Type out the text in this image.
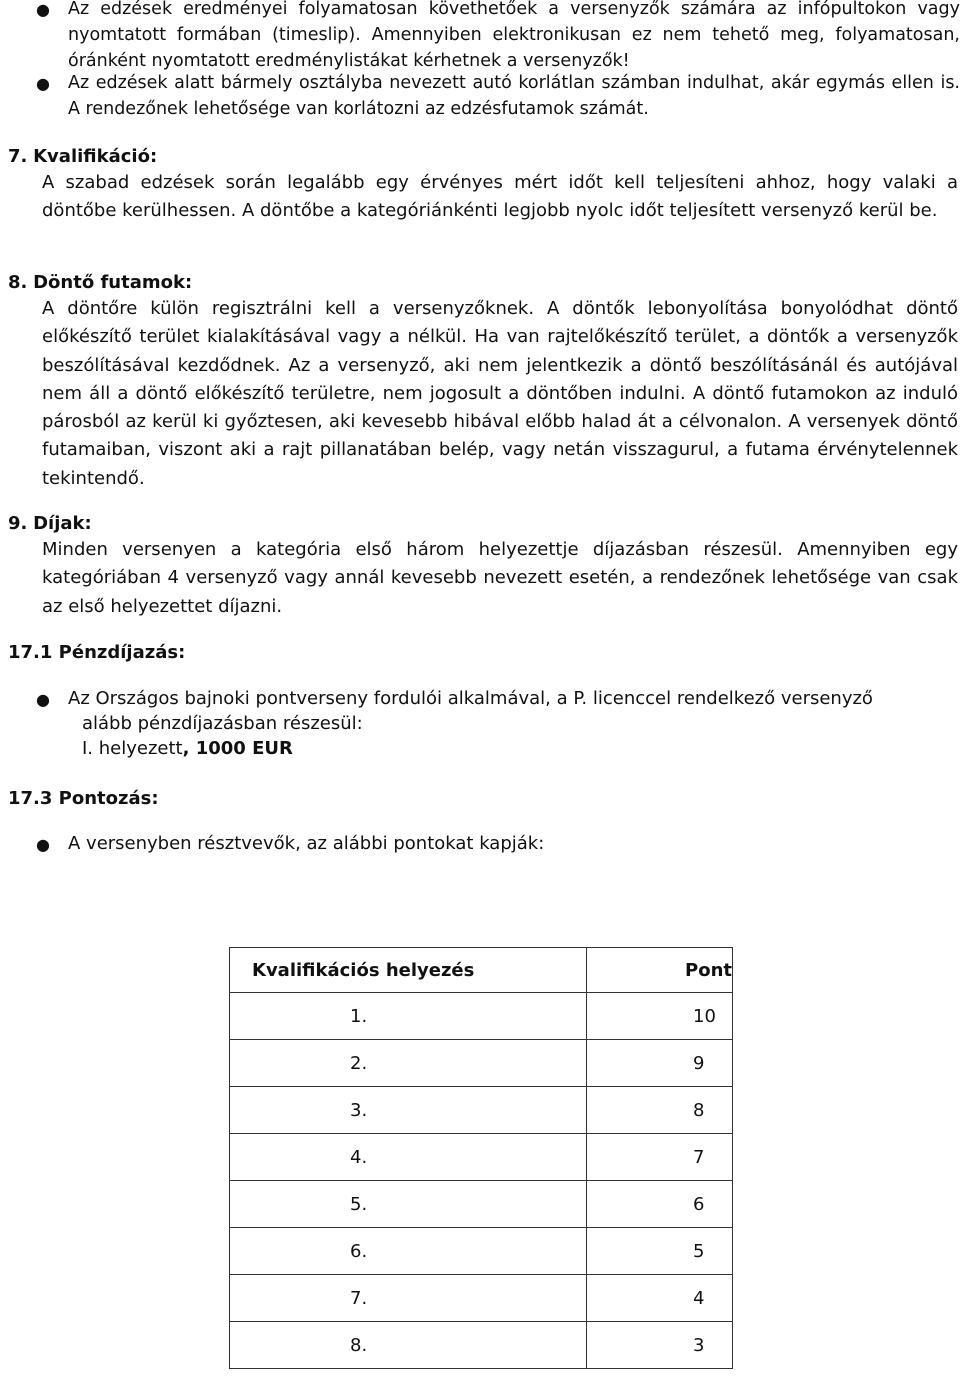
● Az edzések eredményei folyamatosan követhetőek a versenyzők számára az infópultokon vagy nyomtatott formában (timeslip). Amennyiben elektronikusan ez nem tehető meg, folyamatosan, óránként nyomtatott eredménylistákat kérhetnek a versenyzők!
● Az edzések alatt bármely osztályba nevezett autó korlátlan számban indulhat, akár egymás ellen is. A rendezőnek lehetősége van korlátozni az edzésfutamok számát.
7. Kvalifikáció:
A szabad edzések során legalább egy érvényes mért időt kell teljesíteni ahhoz, hogy valaki a döntőbe kerülhessen. A döntőbe a kategóriánkénti legjobb nyolc időt teljesített versenyző kerül be.
8. Döntő futamok:
A döntőre külön regisztrálni kell a versenyzőknek. A döntők lebonyolítása bonyolódhat döntő előkészítő terület kialakításával vagy a nélkül. Ha van rajtelőkészítő terület, a döntők a versenyzők beszólításával kezdődnek. Az a versenyző, aki nem jelentkezik a döntő beszólításánál és autójával nem áll a döntő előkészítő területre, nem jogosult a döntőben indulni. A döntő futamokon az induló párosból az kerül ki győztesen, aki kevesebb hibával előbb halad át a célvonalon. A versenyek döntő futamaiban, viszont aki a rajt pillanatában belép, vagy netán visszagurul, a futama érvénytelennek tekintendő.
9. Díjak:
Minden versenyen a kategória első három helyezettje díjazásban részesül. Amennyiben egy kategóriában 4 versenyző vagy annál kevesebb nevezett esetén, a rendezőnek lehetősége van csak az első helyezettet díjazni.
17.1 Pénzdíjazás:
● Az Országos bajnoki pontverseny fordulói alkalmával, a P. licenccel rendelkező versenyző
alább pénzdíjazásban részesül:
I. helyezett, 1000 EUR
17.3 Pontozás:
● A versenyben résztvevők, az alábbi pontokat kapják:
Kvalifikációs helyezés	Pont
1.	10
2.	9
3.	8
4.	7
5.	6
6.	5
7.	4
8.	3
